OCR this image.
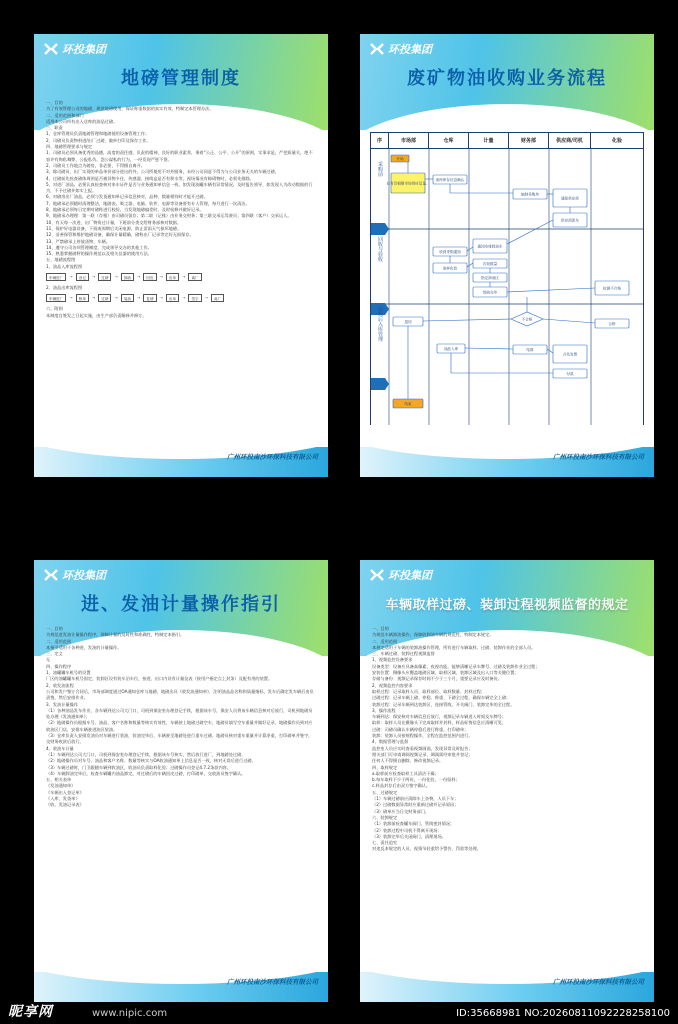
环投集团
地磅管理制度

一、目的

为了有效管理公司的地磅，规范地磅使用，保证称重数据的真实有效，特制定本管理办法。

二、适用范围和部门

适用本公司所有出入仓库的油品过磅。

三、职责

1、仓库管理员负责地磅管理和地磅使用设备管理工作；

2、司磅员负责物料进/出厂过磅，做单打印及保存工作。

四、地磅管理要求与规定

1、司磅员必须具备优秀的品德，高度的责任感，负责的精神，良好的职业素养，秉着“公正、公平、公开”的原则，实事求是，严把质量关，绝不容许有徇私舞弊、公报私仇、怨公谋私的行为，一经发现严惩不贷。

2、司磅员工作地点为磅房，非必要，不得擅自离开。

3、除司磅员、出厂实现的单品单价部分进出的外，公司所使用不对外服务，未经公司同意不得为与公司业务无关的车辆过磅。

4、过磅前先检查磅体周围是否被异物卡住，传感器、接线盒是否有积水等，视场情况有障碍物时，必须先排除。

5、对进厂油品，必须认真检查核对来车证件是否与业务通知单信息一致，如发现油罐车辆有异常情况，及时报告领导，如发现人为改动数据的行为，不予过磅并如实上报。

6、对磅房出厂油品，必须与发货通知单记录信息核对，品种、数量相符时才能开过磅。

7、地磅承必须随时清理整洁，地磅表、吸尘器、电脑、软件、电源等设备要有专人管理，每月进行一次清洁。

8、地磅承必须每日定期对磅称进行校验，当发现地磅偏差时，及时检修并做好记录。

9、地磅承办理理：第一联（存根）由司磅员留存；第二联（记账）由业务交财务；第三联交承运驾驶员；第四联（客户）交承运人。

10、有天每一次进、出厂物资过计量，下班前分类交给财务部核对数据。

11、保护好电器设备，下班或周期后关闭电源，防止雷雨天气损坏地磅。

12、妥善保管和维护地磅设备，确保计量精确，磅称出厂记录等完好无损保存。

13、严禁磅承上停放货物、车辆。

14、遵守公司各项管理制度，完成领导交办的其他工作。

15、熟悉掌握磅秤的操作规范以及相关仪器的使用方法。

五、地磅流程图

1、油品入库流程图

车辆进厂	→	登记	→	过磅	→	卸油	→	回皮	→	出单	→	离厂

2、油品出库流程图

车辆进厂	→	核单	→	过磅	→	装油	→	复磅	→	出单	→	签字	→	离厂

六、附则

本制度自签发之日起实施，由生产部负责解释并修订。

广州环投南沙环保科技有限公司
环投集团
废矿物油收购业务流程
序	市场部	仓库	计量	财务部	供应商/司机	化验
采购前
回收与验收
收购后入库管理
开始
业务员根据市场供应及量、
油库库存信息确认
编制采购单
通知供应商
供应商派车
通知安排卸油车
收到采购通知
取样化验
告知数量
指定卸油区
卸油完毕
检测不合格
退回
油品入库	结算
开具发票
付款
合格
结束
不合格
广州环投南沙环保科技有限公司
环投集团
进、发油计量操作指引

一、目的

为规范进发油计量操作程序，保障计量的及时性和准确性，特制定本指引。

二、适用范围

本指引适用于各种进、发油的计量操作。

三、定义

无

四、操作程序

1、油罐罐车机号的设置

厂区的油罐罐车机号固定，装卸区设有装车泊车位，按进、出口内设有计量仪表（按用户指定点上封条）及配有用的装置。

2、收发油流程

公司和发户签订合同后，市场部调度通过OA通知仓库与地磅，地磅出具《收发油通知单》，注明油品品名称和质量指标，发车后确定发车辆后由负责签，然后安排作业。

3、发油计量操作

（1）各种油品发车作业，各车辆到达公司大门口，司机到保安室办理登记手续，根据该车号，保安人员将该车辆信息核对后放行，司机到地磅员处办理《发油通知单》；

（2）地磅操作员根据车号、油品、客户名称和数量等核实有效性，车辆驶上地磅过磅空车，地磅员填写空车重量并做好记录，地磅操作员到对应收油区门店，安排车辆驶进油区装油。

（3）仓库负责人安排发油员对车辆进行装油，装油完毕后，车辆驶至地磅处进行重车过磅，地磅员核对重车重量并计算净重，打印磅单并签字，交财务收款后放行。

4、收油车计量

（1）车辆到达公司大门口，司机到保安室办理登记手续，根据该车号核实，然后放行进厂，到地磅处过磅。

（2）地磅操作员对车号、油品和客户名称、数量等核实与OA收油通知单上信息是否一致，核对无误后进行过磅。

（3）车辆过磅时，门卫跟随车辆到收油区，收油员负责取样化验；过磅操作员登记4.7.2条款内容。

（4）车辆卸油完毕后，检查车辆罐内油品卸完，对过磅后的车辆回皮过磅，打印磅单，交收油员签字确认。

五、相关表单

《发油通知单》

《车辆出入登记单》

《入库、发货单》

《收、发油记录表》

广州环投南沙环保科技有限公司
环投集团
车辆取样过磅、装卸过程视频监督的规定

一、目的

为规范车辆卸油操作，保障收卸油车辆的规范性，特制定本规定。

二、适用范围

本规定适用于车辆的装卸油操作管理，所有进行车辆取样、过磅、装卸作业的全部人员。

三、车辆过磅、装卸过程视频监督

1、视频监控设备要求

设备类型：设备应具备高像素、夜视功能，能够清晰记录车牌号、过磅及装卸作业全过程；

安装位置：摄像头应覆盖地磅区域、取样区域、装卸区域及出入口等关键位置；

存储与备份：视频记录保存时间不少于三个月，重要记录应及时备份。

2、视频监控内容要求

取样过程：记录取样人员、取样部位、取样数量、封样过程；

过磅过程：记录车辆上磅、停稳、称重、下磅全过程，确保车辆完全上磅；

装卸过程：记录车辆到达装卸区、连接管线、开关阀门、装卸完毕的全过程。

3、操作流程

车辆到达：保安核对车辆信息后放行，视频记录车辆进入时间及车牌号；

取样：取样人员在摄像头下完成取样并封样，样品标签信息应清晰可见；

过磅：司磅员确认车辆停稳后进行称重，打印磅单；

装卸：装卸人员按规程操作，全程在监控范围内进行。

4、数据管理与监督

监控室人员应实时查看视频画面，发现异常及时报告；

相关部门可申请调阅视频记录，调阅需经审批并登记；

任何人不得擅自删除、修改视频记录。

四、取样规定

a.取样前应检查取样工具清洁干燥；

b.每车取样不少于两份，一份化验，一份留样；

c.样品封存后由双方签字确认。

五、过磅规定

（1）车辆过磅前应清除车上杂物，人员下车；

（2）过磅数据异常时应重新过磅并记录原因；

（3）磅单应当日交财务部门。

六、装卸规定

（1）装卸前检查罐车阀门、管线密封情况；

（2）装卸过程中司机不得离开现场；

（3）装卸完毕后关闭阀门，清理现场。

七、责任追究

对违反本规定的人员，视情节轻重给予警告、罚款等处理。

广州环投南沙环保科技有限公司
昵享网	www.nipic.com	ID:35668981 NO:20260811092228258100
